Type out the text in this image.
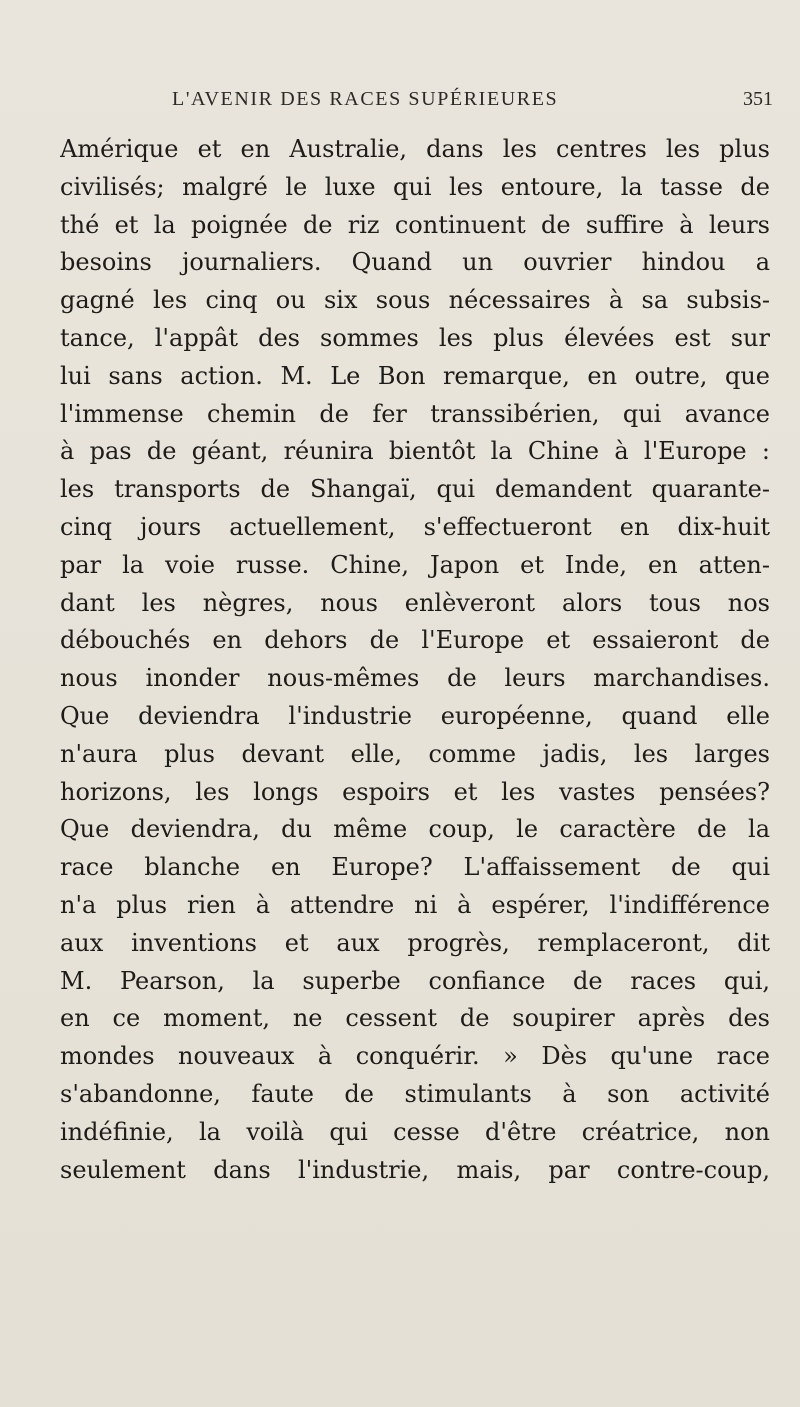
L'AVENIR DES RACES SUPÉRIEURES	351
Amérique et en Australie, dans les centres les plus
civilisés; malgré le luxe qui les entoure, la tasse de
thé et la poignée de riz continuent de suffire à leurs
besoins journaliers. Quand un ouvrier hindou a
gagné les cinq ou six sous nécessaires à sa subsis-
tance, l'appât des sommes les plus élevées est sur
lui sans action. M. Le Bon remarque, en outre, que
l'immense chemin de fer transsibérien, qui avance
à pas de géant, réunira bientôt la Chine à l'Europe :
les transports de Shangaï, qui demandent quarante-
cinq jours actuellement, s'effectueront en dix-huit
par la voie russe. Chine, Japon et Inde, en atten-
dant les nègres, nous enlèveront alors tous nos
débouchés en dehors de l'Europe et essaieront de
nous inonder nous-mêmes de leurs marchandises.
Que deviendra l'industrie européenne, quand elle
n'aura plus devant elle, comme jadis, les larges
horizons, les longs espoirs et les vastes pensées?
Que deviendra, du même coup, le caractère de la
race blanche en Europe? L'affaissement de qui
n'a plus rien à attendre ni à espérer, l'indifférence
aux inventions et aux progrès, remplaceront, dit
M. Pearson, la superbe confiance de races qui,
en ce moment, ne cessent de soupirer après des
mondes nouveaux à conquérir. » Dès qu'une race
s'abandonne, faute de stimulants à son activité
indéfinie, la voilà qui cesse d'être créatrice, non
seulement dans l'industrie, mais, par contre-coup,
